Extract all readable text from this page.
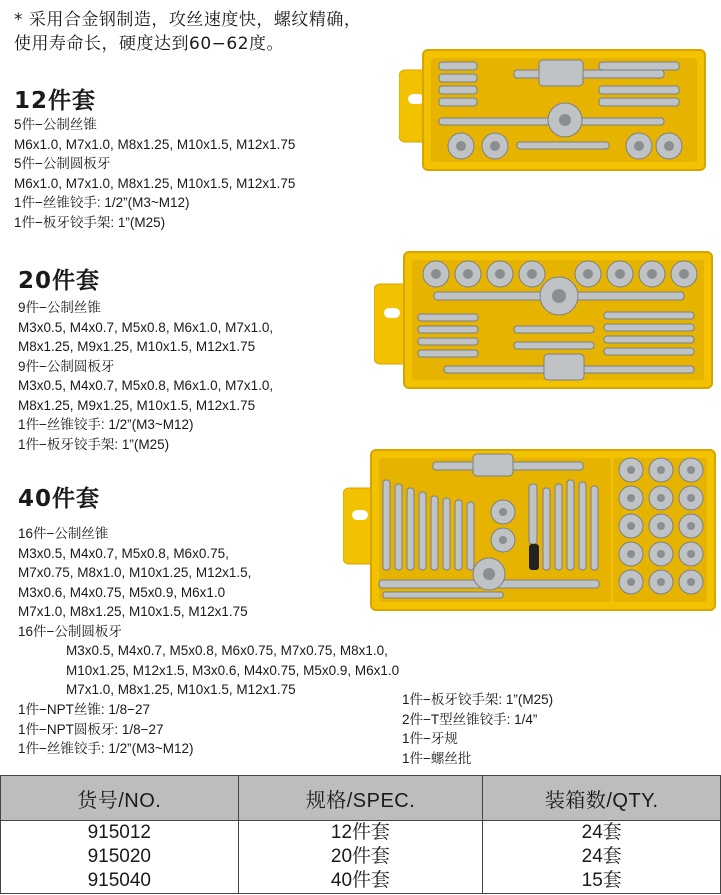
* 采用合金钢制造，攻丝速度快，螺纹精确，
使用寿命长，硬度达到60−62度。
12件套
5件−公制丝锥
M6x1.0, M7x1.0, M8x1.25, M10x1.5, M12x1.75
5件−公制圆板牙
M6x1.0, M7x1.0, M8x1.25, M10x1.5, M12x1.75
1件−丝锥铰手: 1/2”(M3~M12)
1件−板牙铰手架: 1”(M25)
20件套
9件−公制丝锥
M3x0.5, M4x0.7, M5x0.8, M6x1.0, M7x1.0,
M8x1.25, M9x1.25, M10x1.5, M12x1.75
9件−公制圆板牙
M3x0.5, M4x0.7, M5x0.8, M6x1.0, M7x1.0,
M8x1.25, M9x1.25, M10x1.5, M12x1.75
1件−丝锥铰手: 1/2”(M3~M12)
1件−板牙铰手架: 1”(M25)
40件套
16件−公制丝锥
M3x0.5, M4x0.7, M5x0.8, M6x0.75,
M7x0.75, M8x1.0, M10x1.25, M12x1.5,
M3x0.6, M4x0.75, M5x0.9, M6x1.0
M7x1.0, M8x1.25, M10x1.5, M12x1.75
16件−公制圆板牙
M3x0.5, M4x0.7, M5x0.8, M6x0.75, M7x0.75, M8x1.0,
M10x1.25, M12x1.5, M3x0.6, M4x0.75, M5x0.9, M6x1.0
M7x1.0, M8x1.25, M10x1.5, M12x1.75
1件−NPT丝锥: 1/8−27
1件−NPT圆板牙: 1/8−27
1件−丝锥铰手: 1/2”(M3~M12)
1件−板牙铰手架: 1”(M25)
2件−T型丝锥铰手: 1/4”
1件−牙规
1件−螺丝批
货号/NO.	规格/SPEC.	装箱数/QTY.
915012	12件套	24套
915020	20件套	24套
915040	40件套	15套
